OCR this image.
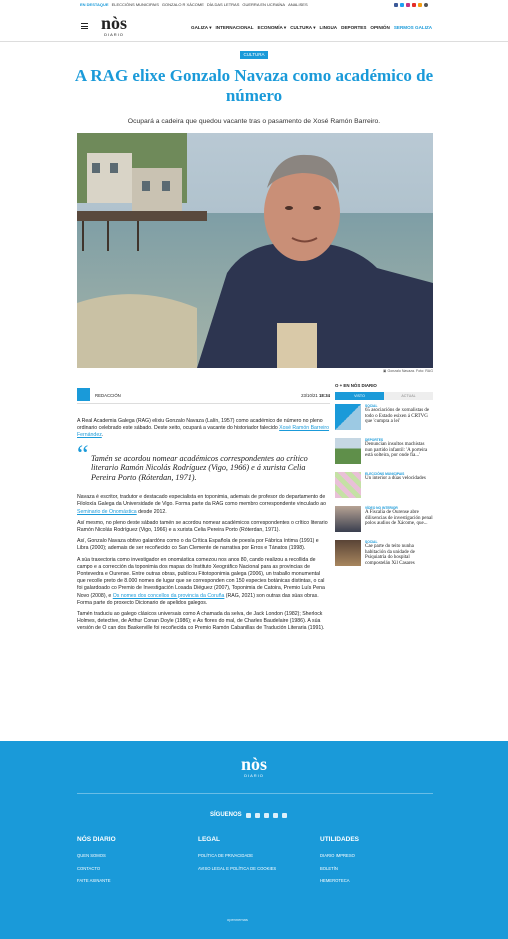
EN DESTAQUE ELECCIÓNS MUNICIPAIS GONZALO R XÁCOME DÍA DAS LETRAS GUERRA EN UCRAÍNA ANALISES
nòs
DIARIO
GALIZA ▾ INTERNACIONAL ECONOMÍA ▾ CULTURA ▾ LINGUA DEPORTES OPINIÓN SERMOS GALIZA
CULTURA
A RAG elixe Gonzalo Navaza como académico de número
Ocupará a cadeira que quedou vacante tras o pasamento de Xosé Ramón Barreiro.
▣ Gonzalo Navaza. Foto: RAG
REDACCIÓN	23/10/21 18:34

A Real Academia Galega (RAG) elixiu Gonzalo Navaza (Lalín, 1957) como académico de número no pleno ordinario celebrado este sábado. Deste xeito, ocupará a vacante do historiador falecido Xosé Ramón Barreiro Fernández.

“ Tamén se acordou nomear académicos correspondentes ao crítico literario Ramón Nicolás Rodríguez (Vigo, 1966) e á xurista Celia Pereira Porto (Róterdan, 1971).

Navaza é escritor, tradutor e destacado especialista en toponimia, ademais de profesor do departamento de Filoloxía Galega da Universidade de Vigo. Forma parte da RAG como membro correspondente vinculado ao Seminario de Onomástica desde 2012.

Así mesmo, no pleno deste sábado tamén se acordou nomear académicos correspondentes o crítico literario Ramón Nicolás Rodríguez (Vigo, 1966) e a xurista Celia Pereira Porto (Róterdan, 1971).

Así, Gonzalo Navaza obtivo galardóns como o da Crítica Española de poesía por Fábrica íntima (1991) e Libra (2000); ademais de ser recoñecido co San Clemente de narrativa por Erros e Tánatos (1998).

A súa traxectoria como investigador en onomástica comezou nos anos 80, cando realizou a recollida de campo e a corrección da toponimia dos mapas do Instituto Xeográfico Nacional para as provincias de Pontevedra e Ourense. Entre outras obras, publicou Fitotoponimia galega (2006), un traballo monumental que recolle preto de 8.000 nomes de lugar que se corresponden con 150 especies botánicas distintas, o cal foi galardoado co Premio de Investigación Losada Diéguez (2007), Toponimia de Catoira, Premio Luís Pena Novo (2008), e Os nomes dos concellos da provincia da Coruña (RAG, 2021) son outras das súas obras. Forma parte do proxecto Dicionario de apelidos galegos.

Tamén traduciu ao galego clásicos universais como A chamada da selva, de Jack London (1982); Sherlock Holmes, detective, de Arthur Conan Doyle (1986); e As flores do mal, de Charles Baudelaire (1986). A súa versión de O can dos Baskerville foi recoñecida co Premio Ramón Cabanillas de Tradución Literaria (1991).

O + EN NÓS DIARIO
VISTO	ACTUAL
SOCIAL
65 asociacións de xornalistas de todo o Estado esixen á CRTVG que 'cumpra a lei'
DEPORTES
Denuncian insultos machistas nun partido infantil: 'A porteira está solteira, por onde fía...'
ELECCIÓNS MUNICIPAIS
Un interior a dúas velocidades
VÍDEO NO INTERIOR
A Fiscalía de Ourense abre dilixencias de investigación penal polos audios de Xácome, que...
SOCIAL
Cae parte do teito nunha habitación da unidade de Psiquiatría do hospital compostelán Xil Casares
nòs
DIARIO
SÍGUENOS
NÓS DIARIO
QUEN SOMOS
CONTACTO
FAITE ASINANTE
LEGAL
POLÍTICA DE PRIVACIDADE
AVISO LEGAL E POLÍTICA DE COOKIES
UTILIDADES
DIARIO IMPRESO
BOLETÍN
HEMEROTECA
opennemas
